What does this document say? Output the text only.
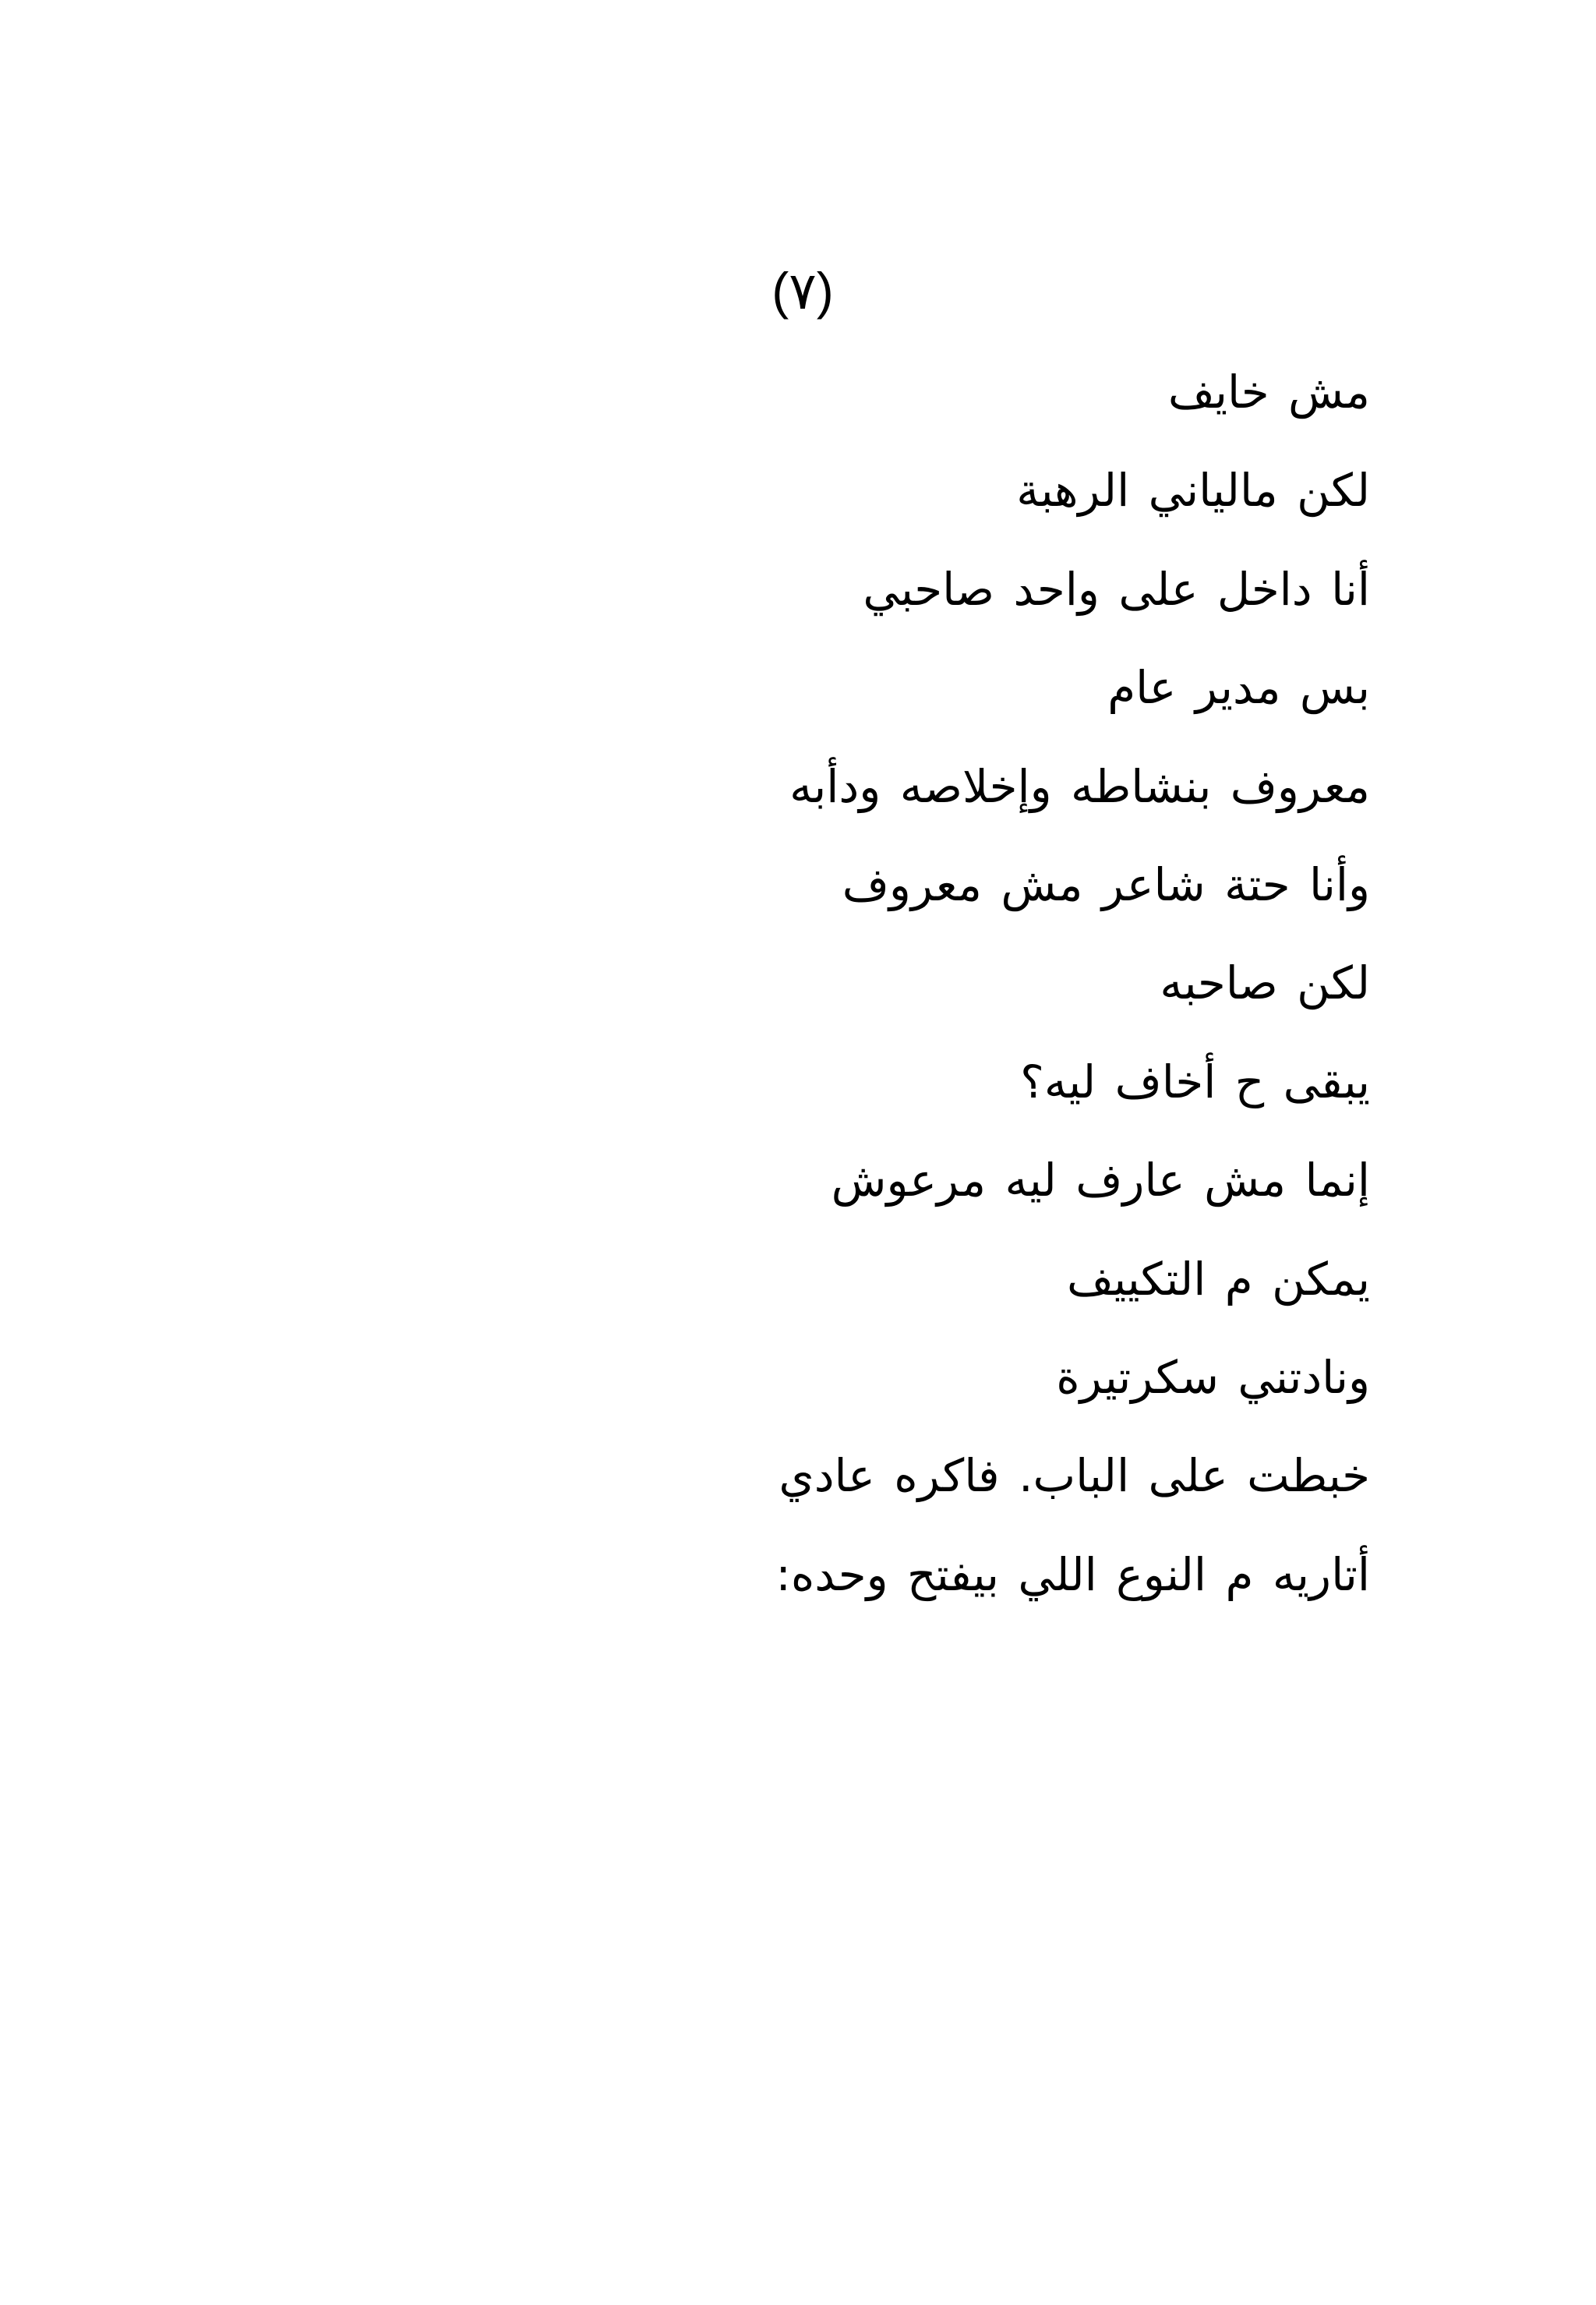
(٧)
مش خايف
لكن مالياني الرهبة
أنا داخل على واحد صاحبي
بس مدير عام
معروف بنشاطه وإخلاصه ودأبه
وأنا حتة شاعر مش معروف
لكن صاحبه
يبقى ح أخاف ليه؟
إنما مش عارف ليه مرعوش
يمكن م التكييف
ونادتني سكرتيرة
خبطت على الباب. فاكره عادي
أتاريه م النوع اللي بيفتح وحده:
